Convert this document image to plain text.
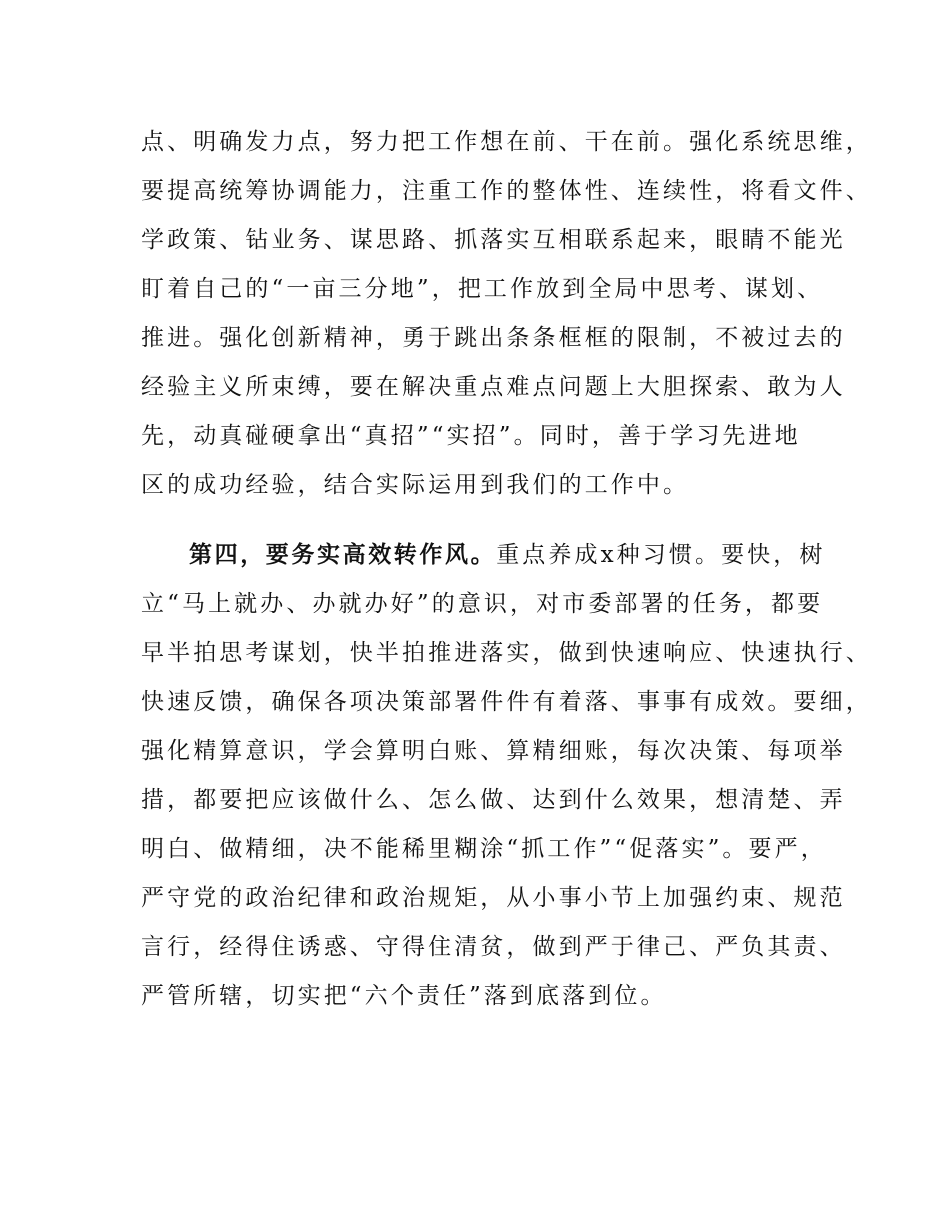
点、明确发力点，努力把工作想在前、干在前。强化系统思维，
要提高统筹协调能力，注重工作的整体性、连续性，将看文件、
学政策、钻业务、谋思路、抓落实互相联系起来，眼睛不能光
盯着自己的“一亩三分地”，把工作放到全局中思考、谋划、
推进。强化创新精神，勇于跳出条条框框的限制，不被过去的
经验主义所束缚，要在解决重点难点问题上大胆探索、敢为人
先，动真碰硬拿出“真招”“实招”。同时，善于学习先进地
区的成功经验，结合实际运用到我们的工作中。
第四，要务实高效转作风。重点养成x种习惯。要快，树
立“马上就办、办就办好”的意识，对市委部署的任务，都要
早半拍思考谋划，快半拍推进落实，做到快速响应、快速执行、
快速反馈，确保各项决策部署件件有着落、事事有成效。要细，
强化精算意识，学会算明白账、算精细账，每次决策、每项举
措，都要把应该做什么、怎么做、达到什么效果，想清楚、弄
明白、做精细，决不能稀里糊涂“抓工作”“促落实”。要严，
严守党的政治纪律和政治规矩，从小事小节上加强约束、规范
言行，经得住诱惑、守得住清贫，做到严于律己、严负其责、
严管所辖，切实把“六个责任”落到底落到位。
